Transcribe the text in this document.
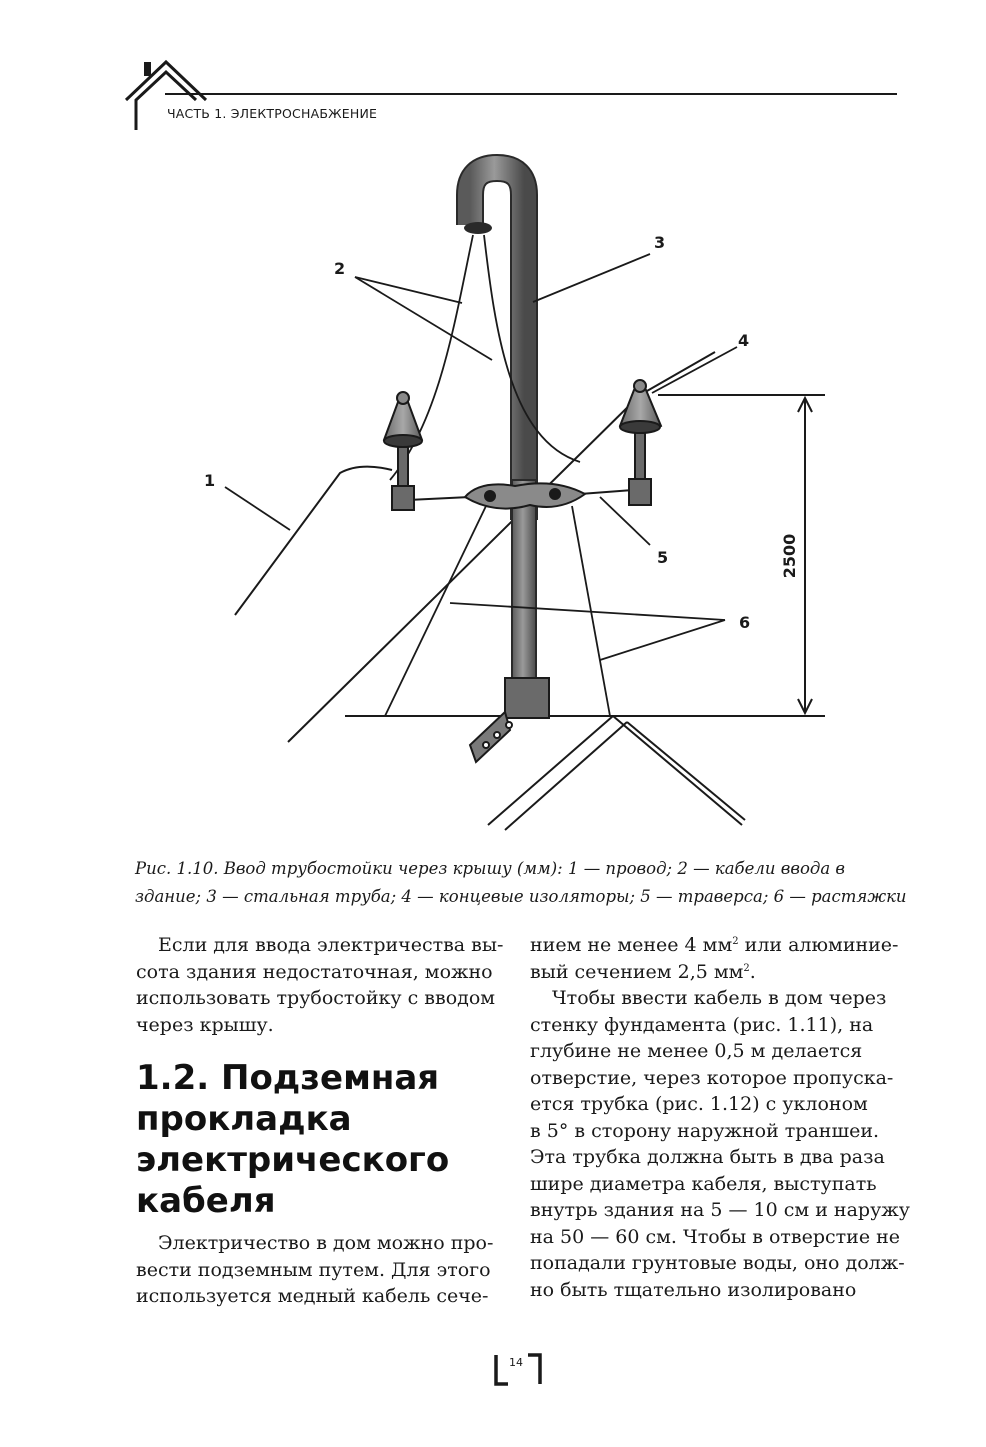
ЧАСТЬ 1. ЭЛЕКТРОСНАБЖЕНИЕ
2500
1
2
3
4
5
6
Рис. 1.10. Ввод трубостойки через крышу (мм): 1 — провод; 2 — кабели ввода в
здание; 3 — стальная труба; 4 — концевые изоляторы; 5 — траверса; 6 — растяжки
Если для ввода электричества вы-
сота здания недостаточная, можно
использовать трубостойку с вводом
через крышу.
1.2. Подземная
прокладка
электрического
кабеля
Электричество в дом можно про-
вести подземным путем. Для этого
используется медный кабель сече-
нием не менее 4 $мм^2$ или алюминие-
вый сечением 2,5 $мм^2$.
Чтобы ввести кабель в дом через
стенку фундамента (рис. 1.11), на
глубине не менее 0,5 м делается
отверстие, через которое пропуска-
ется трубка (рис. 1.12) с уклоном
в 5° в сторону наружной траншеи.
Эта трубка должна быть в два раза
шире диаметра кабеля, выступать
внутрь здания на 5 — 10 см и наружу
на 50 — 60 см. Чтобы в отверстие не
попадали грунтовые воды, оно долж-
но быть тщательно изолировано
14
